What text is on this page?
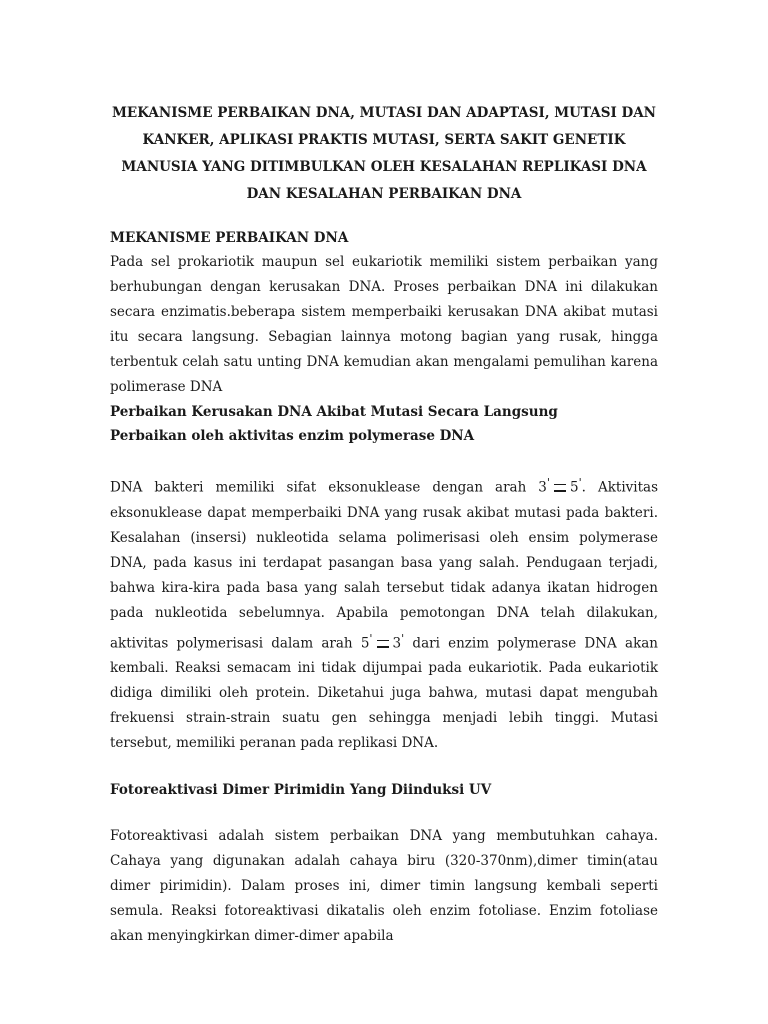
MEKANISME PERBAIKAN DNA, MUTASI DAN ADAPTASI, MUTASI DAN
KANKER, APLIKASI PRAKTIS MUTASI, SERTA SAKIT GENETIK
MANUSIA YANG DITIMBULKAN OLEH KESALAHAN REPLIKASI DNA
DAN KESALAHAN PERBAIKAN DNA

MEKANISME PERBAIKAN DNA

Pada sel prokariotik maupun sel eukariotik memiliki sistem perbaikan yang berhubungan dengan kerusakan DNA. Proses perbaikan DNA ini dilakukan secara enzimatis.beberapa sistem memperbaiki kerusakan DNA akibat mutasi itu secara langsung. Sebagian lainnya motong bagian yang rusak, hingga terbentuk celah satu unting DNA kemudian akan mengalami pemulihan karena polimerase DNA

Perbaikan Kerusakan DNA Akibat Mutasi Secara Langsung

Perbaikan oleh aktivitas enzim polymerase DNA

DNA bakteri memiliki sifat eksonuklease dengan arah 3' 5'. Aktivitas eksonuklease dapat memperbaiki DNA yang rusak akibat mutasi pada bakteri. Kesalahan (insersi) nukleotida selama polimerisasi oleh ensim polymerase DNA, pada kasus ini terdapat pasangan basa yang salah. Pendugaan terjadi, bahwa kira-kira pada basa yang salah tersebut tidak adanya ikatan hidrogen pada nukleotida sebelumnya. Apabila pemotongan DNA telah dilakukan, aktivitas polymerisasi dalam arah 5' 3' dari enzim polymerase DNA akan kembali. Reaksi semacam ini tidak dijumpai pada eukariotik. Pada eukariotik didiga dimiliki oleh protein. Diketahui juga bahwa, mutasi dapat mengubah frekuensi strain-strain suatu gen sehingga menjadi lebih tinggi. Mutasi tersebut, memiliki peranan pada replikasi DNA.

Fotoreaktivasi Dimer Pirimidin Yang Diinduksi UV

Fotoreaktivasi adalah sistem perbaikan DNA yang membutuhkan cahaya. Cahaya yang digunakan adalah cahaya biru (320-370nm),dimer timin(atau dimer pirimidin). Dalam proses ini, dimer timin langsung kembali seperti semula. Reaksi fotoreaktivasi dikatalis oleh enzim fotoliase. Enzim fotoliase akan menyingkirkan dimer-dimer apabila
